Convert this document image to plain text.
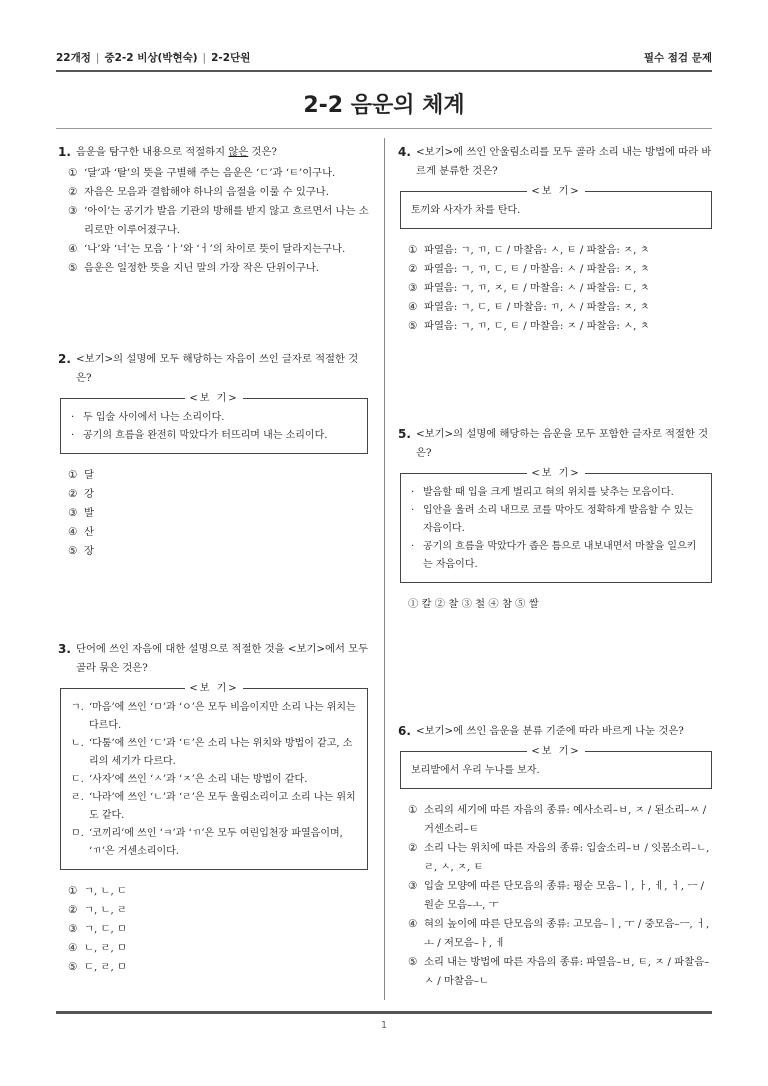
22개정 | 중2-2 비상(박현숙) | 2-2단원	필수 점검 문제
2-2 음운의 체계
1. 음운을 탐구한 내용으로 적절하지 않은 것은?
① ‘달’과 ‘탈’의 뜻을 구별해 주는 음운은 ‘ㄷ’과 ‘ㅌ’이구나.
② 자음은 모음과 결합해야 하나의 음절을 이룰 수 있구나.
③ ‘아이’는 공기가 발음 기관의 방해를 받지 않고 흐르면서 나는 소리로만 이루어졌구나.
④ ‘나’와 ‘너’는 모음 ‘ㅏ’와 ‘ㅓ’의 차이로 뜻이 달라지는구나.
⑤ 음운은 일정한 뜻을 지닌 말의 가장 작은 단위이구나.
2. <보기>의 설명에 모두 해당하는 자음이 쓰인 글자로 적절한 것은?
<보 기>
· 두 입술 사이에서 나는 소리이다.
· 공기의 흐름을 완전히 막았다가 터뜨리며 내는 소리이다.
① 달
② 강
③ 발
④ 산
⑤ 장
3. 단어에 쓰인 자음에 대한 설명으로 적절한 것을 <보기>에서 모두 골라 묶은 것은?
<보 기>
ㄱ. ‘마음’에 쓰인 ‘ㅁ’과 ‘ㅇ’은 모두 비음이지만 소리 나는 위치는 다르다.
ㄴ. ‘다툼’에 쓰인 ‘ㄷ’과 ‘ㅌ’은 소리 나는 위치와 방법이 같고, 소리의 세기가 다르다.
ㄷ. ‘사자’에 쓰인 ‘ㅅ’과 ‘ㅈ’은 소리 내는 방법이 같다.
ㄹ. ‘나라’에 쓰인 ‘ㄴ’과 ‘ㄹ’은 모두 울림소리이고 소리 나는 위치도 같다.
ㅁ. ‘코끼리’에 쓰인 ‘ㅋ’과 ‘ㄲ’은 모두 여린입천장 파열음이며, ‘ㄲ’은 거센소리이다.
① ㄱ, ㄴ, ㄷ
② ㄱ, ㄴ, ㄹ
③ ㄱ, ㄷ, ㅁ
④ ㄴ, ㄹ, ㅁ
⑤ ㄷ, ㄹ, ㅁ
4. <보기>에 쓰인 안울림소리를 모두 골라 소리 내는 방법에 따라 바르게 분류한 것은?
<보 기>
토끼와 사자가 차를 탄다.
① 파열음: ㄱ, ㄲ, ㄷ / 마찰음: ㅅ, ㅌ / 파찰음: ㅈ, ㅊ
② 파열음: ㄱ, ㄲ, ㄷ, ㅌ / 마찰음: ㅅ / 파찰음: ㅈ, ㅊ
③ 파열음: ㄱ, ㄲ, ㅈ, ㅌ / 마찰음: ㅅ / 파찰음: ㄷ, ㅊ
④ 파열음: ㄱ, ㄷ, ㅌ / 마찰음: ㄲ, ㅅ / 파찰음: ㅈ, ㅊ
⑤ 파열음: ㄱ, ㄲ, ㄷ, ㅌ / 마찰음: ㅈ / 파찰음: ㅅ, ㅊ
5. <보기>의 설명에 해당하는 음운을 모두 포함한 글자로 적절한 것은?
<보 기>
· 발음할 때 입을 크게 벌리고 혀의 위치를 낮추는 모음이다.
· 입안을 울려 소리 내므로 코를 막아도 정확하게 발음할 수 있는 자음이다.
· 공기의 흐름을 막았다가 좁은 틈으로 내보내면서 마찰을 일으키는 자음이다.
① 칼 ② 찰 ③ 철 ④ 참 ⑤ 쌀
6. <보기>에 쓰인 음운을 분류 기준에 따라 바르게 나눈 것은?
<보 기>
보리밭에서 우리 누나를 보자.
① 소리의 세기에 따른 자음의 종류: 예사소리–ㅂ, ㅈ / 된소리–ㅆ / 거센소리–ㅌ
② 소리 나는 위치에 따른 자음의 종류: 입술소리–ㅂ / 잇몸소리–ㄴ, ㄹ, ㅅ, ㅈ, ㅌ
③ 입술 모양에 따른 단모음의 종류: 평순 모음–ㅣ, ㅏ, ㅔ, ㅓ, ㅡ / 원순 모음–ㅗ, ㅜ
④ 혀의 높이에 따른 단모음의 종류: 고모음–ㅣ, ㅜ / 중모음–ㅡ, ㅓ, ㅗ / 저모음–ㅏ, ㅔ
⑤ 소리 내는 방법에 따른 자음의 종류: 파열음–ㅂ, ㅌ, ㅈ / 파찰음–ㅅ / 마찰음–ㄴ
1
